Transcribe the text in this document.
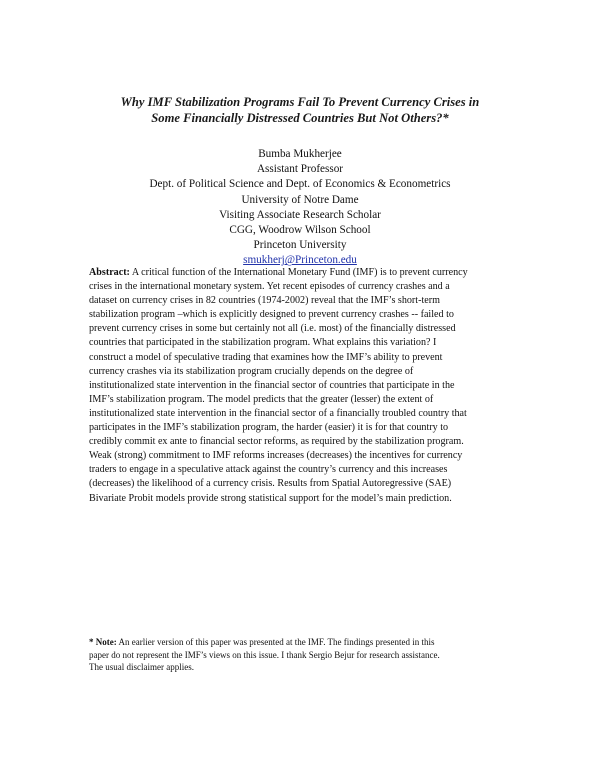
Why IMF Stabilization Programs Fail To Prevent Currency Crises in
Some Financially Distressed Countries But Not Others?*
Bumba Mukherjee
Assistant Professor
Dept. of Political Science and Dept. of Economics & Econometrics
University of Notre Dame
Visiting Associate Research Scholar
CGG, Woodrow Wilson School
Princeton University
smukherj@Princeton.edu
Abstract: A critical function of the International Monetary Fund (IMF) is to prevent currency
crises in the international monetary system. Yet recent episodes of currency crashes and a
dataset on currency crises in 82 countries (1974-2002) reveal that the IMF’s short-term
stabilization program –which is explicitly designed to prevent currency crashes -- failed to
prevent currency crises in some but certainly not all (i.e. most) of the financially distressed
countries that participated in the stabilization program. What explains this variation? I
construct a model of speculative trading that examines how the IMF’s ability to prevent
currency crashes via its stabilization program crucially depends on the degree of
institutionalized state intervention in the financial sector of countries that participate in the
IMF’s stabilization program. The model predicts that the greater (lesser) the extent of
institutionalized state intervention in the financial sector of a financially troubled country that
participates in the IMF’s stabilization program, the harder (easier) it is for that country to
credibly commit ex ante to financial sector reforms, as required by the stabilization program.
Weak (strong) commitment to IMF reforms increases (decreases) the incentives for currency
traders to engage in a speculative attack against the country’s currency and this increases
(decreases) the likelihood of a currency crisis. Results from Spatial Autoregressive (SAE)
Bivariate Probit models provide strong statistical support for the model’s main prediction.
* Note: An earlier version of this paper was presented at the IMF. The findings presented in this
paper do not represent the IMF’s views on this issue. I thank Sergio Bejur for research assistance.
The usual disclaimer applies.
